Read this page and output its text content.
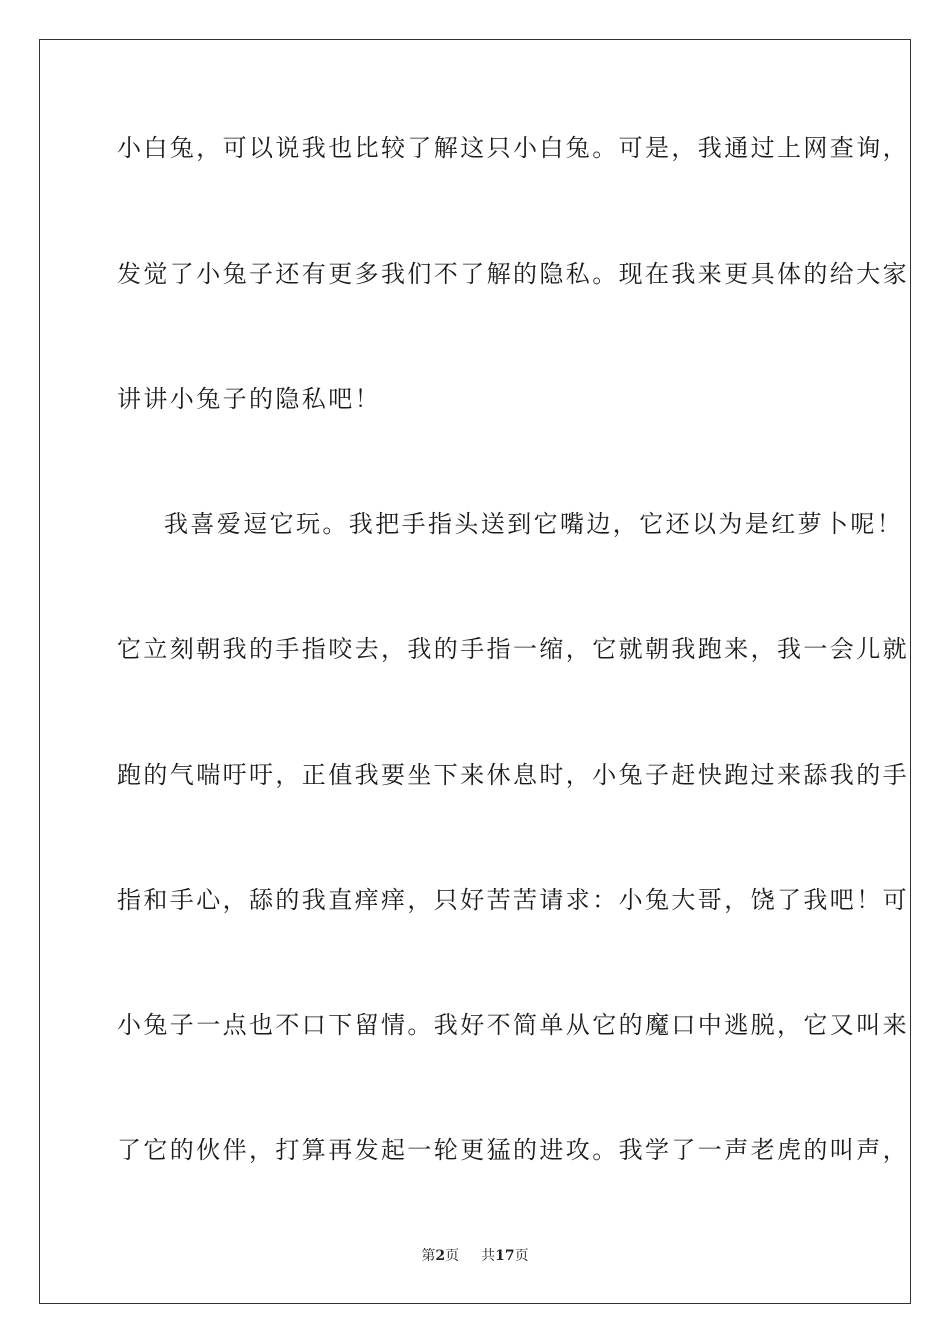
小白兔，可以说我也比较了解这只小白兔。可是，我通过上网查询，
发觉了小兔子还有更多我们不了解的隐私。现在我来更具体的给大家
讲讲小兔子的隐私吧！
我喜爱逗它玩。我把手指头送到它嘴边，它还以为是红萝卜呢！
它立刻朝我的手指咬去，我的手指一缩，它就朝我跑来，我一会儿就
跑的气喘吁吁，正值我要坐下来休息时，小兔子赶快跑过来舔我的手
指和手心，舔的我直痒痒，只好苦苦请求：小兔大哥，饶了我吧！可
小兔子一点也不口下留情。我好不简单从它的魔口中逃脱，它又叫来
了它的伙伴，打算再发起一轮更猛的进攻。我学了一声老虎的叫声，
第2页 共17页
